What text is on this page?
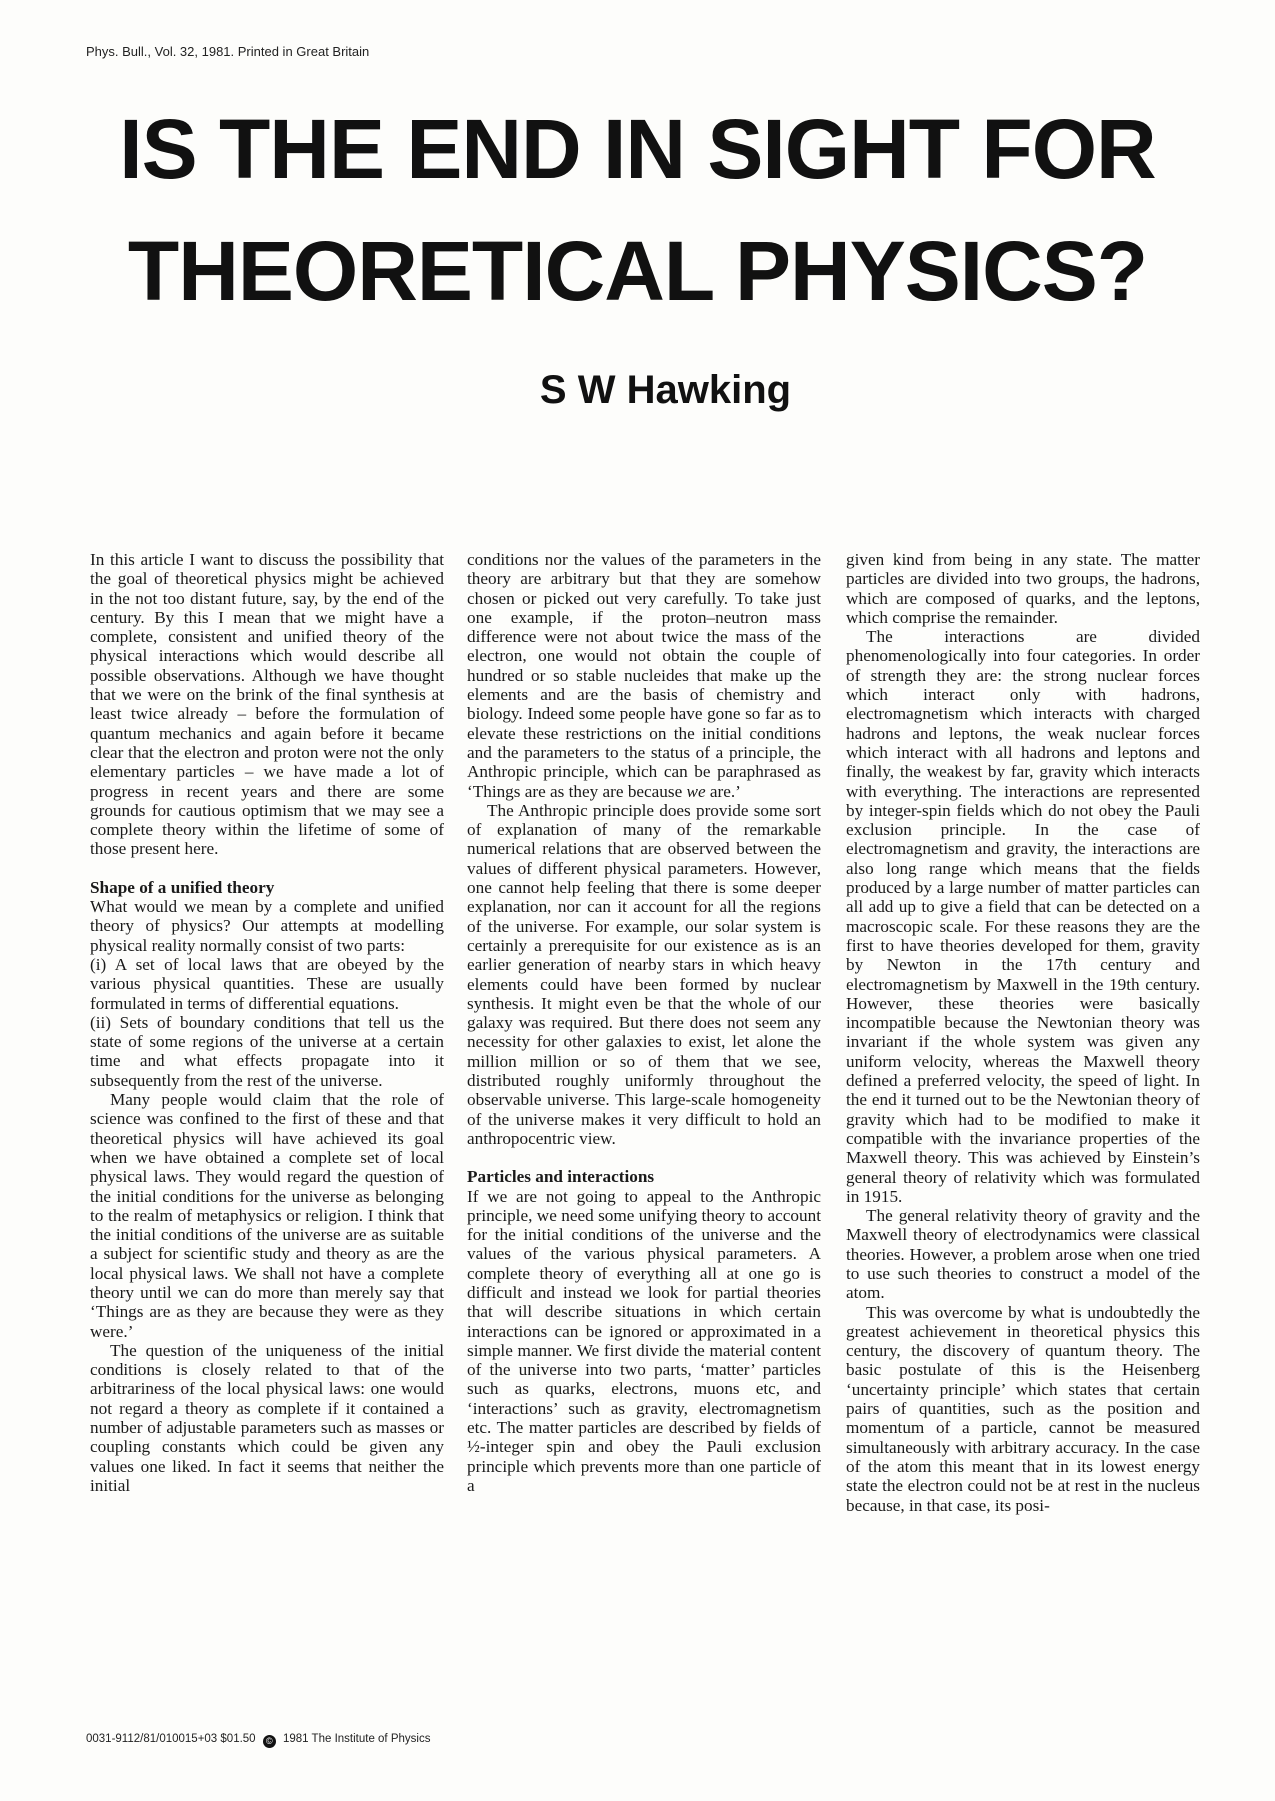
Phys. Bull., Vol. 32, 1981. Printed in Great Britain
IS THE END IN SIGHT FOR
THEORETICAL PHYSICS?
S W Hawking

In this article I want to discuss the possibility that the goal of theoretical physics might be achieved in the not too distant future, say, by the end of the century. By this I mean that we might have a complete, consistent and unified theory of the physical interactions which would describe all possible observations. Although we have thought that we were on the brink of the final synthesis at least twice already – before the formulation of quantum mechanics and again before it became clear that the electron and proton were not the only elementary particles – we have made a lot of progress in recent years and there are some grounds for cautious optimism that we may see a complete theory within the lifetime of some of those present here.

Shape of a unified theory

What would we mean by a complete and unified theory of physics? Our attempts at modelling physical reality normally consist of two parts:

(i) A set of local laws that are obeyed by the various physical quantities. These are usually formulated in terms of differential equations.

(ii) Sets of boundary conditions that tell us the state of some regions of the universe at a certain time and what effects propagate into it subsequently from the rest of the universe.

Many people would claim that the role of science was confined to the first of these and that theoretical physics will have achieved its goal when we have obtained a complete set of local physical laws. They would regard the question of the initial conditions for the universe as belonging to the realm of metaphysics or religion. I think that the initial conditions of the universe are as suitable a subject for scientific study and theory as are the local physical laws. We shall not have a complete theory until we can do more than merely say that ‘Things are as they are because they were as they were.’

The question of the uniqueness of the initial conditions is closely related to that of the arbitrariness of the local physical laws: one would not regard a theory as complete if it contained a number of adjustable parameters such as masses or coupling constants which could be given any values one liked. In fact it seems that neither the initial

conditions nor the values of the parameters in the theory are arbitrary but that they are somehow chosen or picked out very carefully. To take just one example, if the proton–neutron mass difference were not about twice the mass of the electron, one would not obtain the couple of hundred or so stable nucleides that make up the elements and are the basis of chemistry and biology. Indeed some people have gone so far as to elevate these restrictions on the initial conditions and the parameters to the status of a principle, the Anthropic principle, which can be paraphrased as ‘Things are as they are because we are.’

The Anthropic principle does provide some sort of explanation of many of the remarkable numerical relations that are observed between the values of different physical parameters. However, one cannot help feeling that there is some deeper explanation, nor can it account for all the regions of the universe. For example, our solar system is certainly a prerequisite for our existence as is an earlier generation of nearby stars in which heavy elements could have been formed by nuclear synthesis. It might even be that the whole of our galaxy was required. But there does not seem any necessity for other galaxies to exist, let alone the million million or so of them that we see, distributed roughly uniformly throughout the observable universe. This large-scale homogeneity of the universe makes it very difficult to hold an anthropocentric view.

Particles and interactions

If we are not going to appeal to the Anthropic principle, we need some unifying theory to account for the initial conditions of the universe and the values of the various physical parameters. A complete theory of everything all at one go is difficult and instead we look for partial theories that will describe situations in which certain interactions can be ignored or approximated in a simple manner. We first divide the material content of the universe into two parts, ‘matter’ particles such as quarks, electrons, muons etc, and ‘interactions’ such as gravity, electromagnetism etc. The matter particles are described by fields of ½-integer spin and obey the Pauli exclusion principle which prevents more than one particle of a

given kind from being in any state. The matter particles are divided into two groups, the hadrons, which are composed of quarks, and the leptons, which comprise the remainder.

The interactions are divided phenomenologically into four categories. In order of strength they are: the strong nuclear forces which interact only with hadrons, electromagnetism which interacts with charged hadrons and leptons, the weak nuclear forces which interact with all hadrons and leptons and finally, the weakest by far, gravity which interacts with everything. The interactions are represented by integer-spin fields which do not obey the Pauli exclusion principle. In the case of electromagnetism and gravity, the interactions are also long range which means that the fields produced by a large number of matter particles can all add up to give a field that can be detected on a macroscopic scale. For these reasons they are the first to have theories developed for them, gravity by Newton in the 17th century and electromagnetism by Maxwell in the 19th century. However, these theories were basically incompatible because the Newtonian theory was invariant if the whole system was given any uniform velocity, whereas the Maxwell theory defined a preferred velocity, the speed of light. In the end it turned out to be the Newtonian theory of gravity which had to be modified to make it compatible with the invariance properties of the Maxwell theory. This was achieved by Einstein’s general theory of relativity which was formulated in 1915.

The general relativity theory of gravity and the Maxwell theory of electrodynamics were classical theories. However, a problem arose when one tried to use such theories to construct a model of the atom.

This was overcome by what is undoubtedly the greatest achievement in theoretical physics this century, the discovery of quantum theory. The basic postulate of this is the Heisenberg ‘uncertainty principle’ which states that certain pairs of quantities, such as the position and momentum of a particle, cannot be measured simultaneously with arbitrary accuracy. In the case of the atom this meant that in its lowest energy state the electron could not be at rest in the nucleus because, in that case, its posi-

0031-9112/81/010015+03 $01.50 © 1981 The Institute of Physics
